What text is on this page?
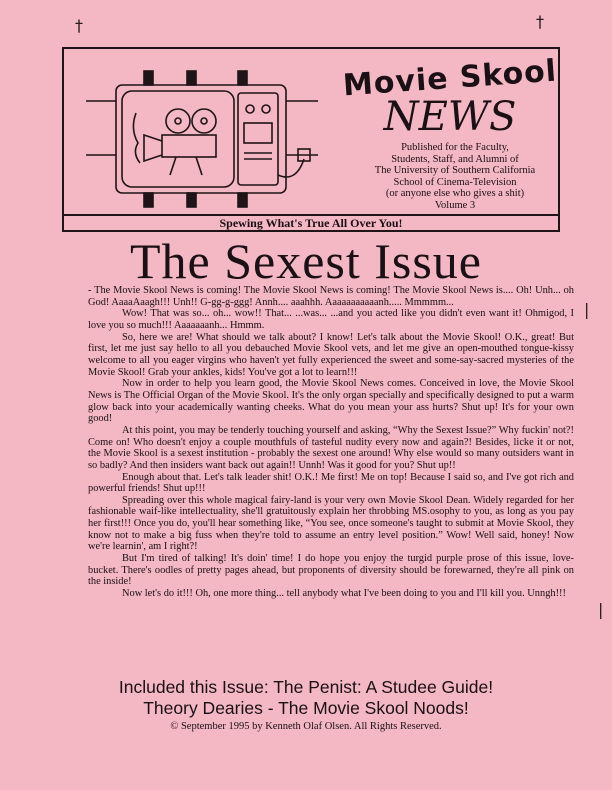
†	†
|
|
Movie Skool
NEWS
Published for the Faculty,
Students, Staff, and Alumni of
The University of Southern California
School of Cinema-Television
(or anyone else who gives a shit)
Volume 3
Spewing What's True All Over You!
The Sexest Issue

- The Movie Skool News is coming! The Movie Skool News is coming! The Movie Skool News is.... Oh! Unh... oh God! AaaaAaagh!!! Unh!! G-gg-g-ggg! Annh.... aaahhh. Aaaaaaaaaaanh..... Mmmmm...

Wow! That was so... oh... wow!! That... ...was... ...and you acted like you didn't even want it! Ohmigod, I love you so much!!! Aaaaaaanh... Hmmm.

So, here we are! What should we talk about? I know! Let's talk about the Movie Skool! O.K., great! But first, let me just say hello to all you debauched Movie Skool vets, and let me give an open-mouthed tongue-kissy welcome to all you eager virgins who haven't yet fully experienced the sweet and some-say-sacred mysteries of the Movie Skool! Grab your ankles, kids! You've got a lot to learn!!!

Now in order to help you learn good, the Movie Skool News comes. Conceived in love, the Movie Skool News is The Official Organ of the Movie Skool. It's the only organ specially and specifically designed to put a warm glow back into your academically wanting cheeks. What do you mean your ass hurts? Shut up! It's for your own good!

At this point, you may be tenderly touching yourself and asking, “Why the Sexest Issue?” Why fuckin' not?! Come on! Who doesn't enjoy a couple mouthfuls of tasteful nudity every now and again?! Besides, licke it or not, the Movie Skool is a sexest institution - probably the sexest one around! Why else would so many outsiders want in so badly? And then insiders want back out again!! Unnh! Was it good for you? Shut up!!

Enough about that. Let's talk leader shit! O.K.! Me first! Me on top! Because I said so, and I've got rich and powerful friends! Shut up!!!

Spreading over this whole magical fairy-land is your very own Movie Skool Dean. Widely regarded for her fashionable waif-like intellectuality, she'll gratuitously explain her throbbing MS.osophy to you, as long as you pay her first!!! Once you do, you'll hear something like, “You see, once someone's taught to submit at Movie Skool, they know not to make a big fuss when they're told to assume an entry level position.” Wow! Well said, honey! Now we're learnin', am I right?!

But I'm tired of talking! It's doin' time! I do hope you enjoy the turgid purple prose of this issue, love-bucket. There's oodles of pretty pages ahead, but proponents of diversity should be forewarned, they're all pink on the inside!

Now let's do it!!! Oh, one more thing... tell anybody what I've been doing to you and I'll kill you. Unngh!!!

Included this Issue: The Penist: A Studee Guide!
Theory Dearies - The Movie Skool Noods!
© September 1995 by Kenneth Olaf Olsen. All Rights Reserved.
